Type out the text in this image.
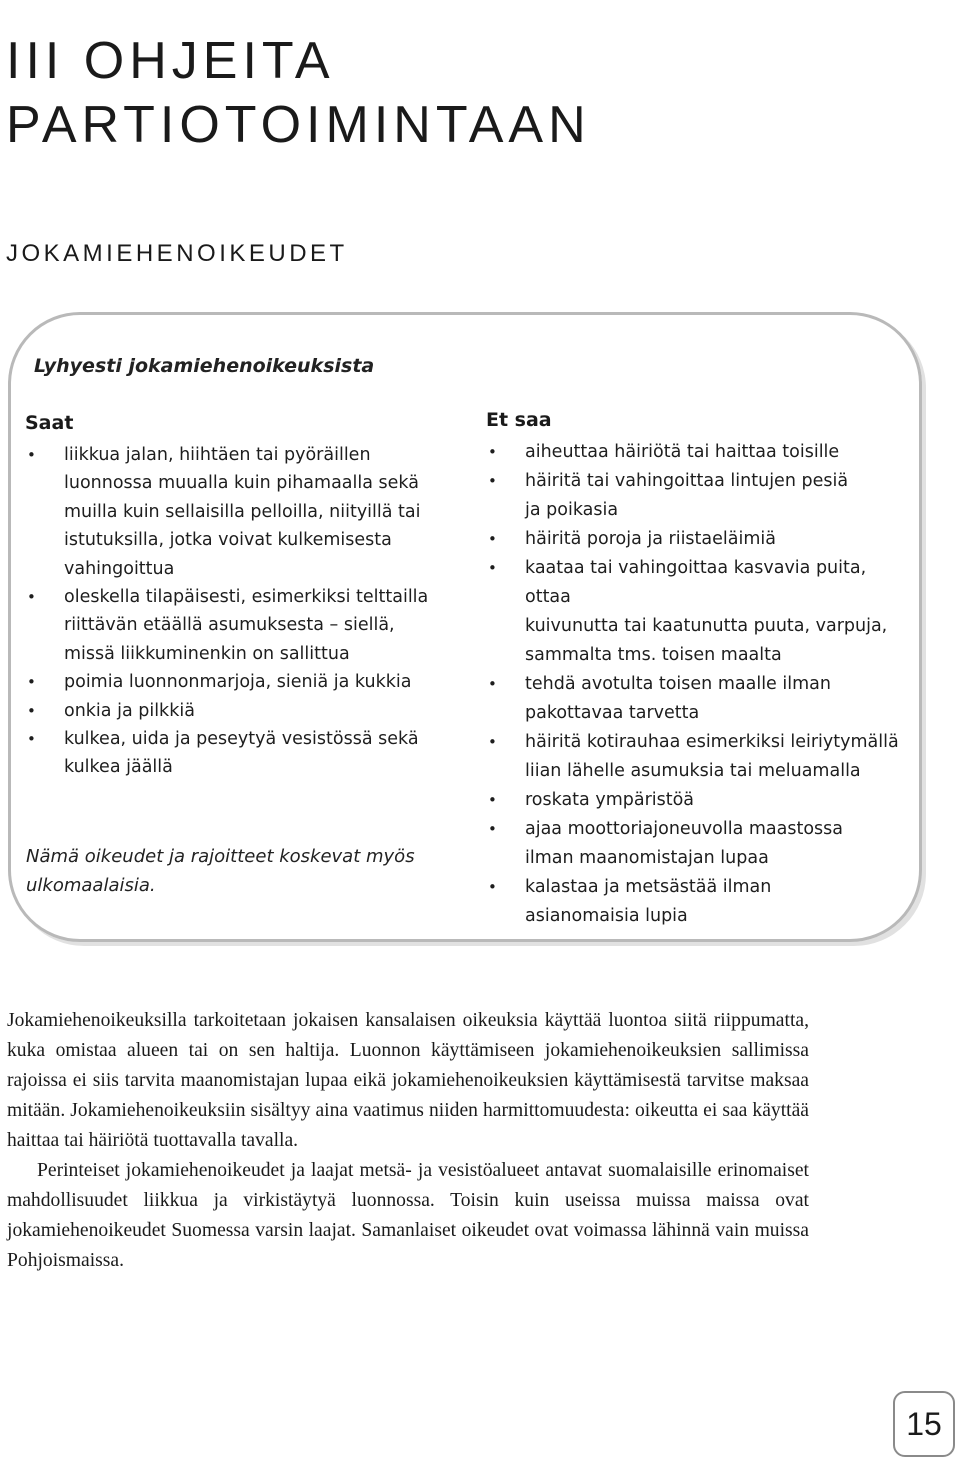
III OHJEITA
PARTIOTOIMINTAAN
JOKAMIEHENOIKEUDET
Lyhyesti jokamiehenoikeuksista
Saat
• liikkua jalan, hiihtäen tai pyöräillen
luonnossa muualla kuin pihamaalla sekä
muilla kuin sellaisilla pelloilla, niityillä tai
istutuksilla, jotka voivat kulkemisesta
vahingoittua
• oleskella tilapäisesti, esimerkiksi telttailla
riittävän etäällä asumuksesta – siellä,
missä liikkuminenkin on sallittua
• poimia luonnonmarjoja, sieniä ja kukkia
• onkia ja pilkkiä
• kulkea, uida ja peseytyä vesistössä sekä
kulkea jäällä
Nämä oikeudet ja rajoitteet koskevat myös
ulkomaalaisia.
Et saa
• aiheuttaa häiriötä tai haittaa toisille
• häiritä tai vahingoittaa lintujen pesiä
ja poikasia
• häiritä poroja ja riistaeläimiä
• kaataa tai vahingoittaa kasvavia puita, ottaa
kuivunutta tai kaatunutta puuta, varpuja,
sammalta tms. toisen maalta
• tehdä avotulta toisen maalle ilman
pakottavaa tarvetta
• häiritä kotirauhaa esimerkiksi leiriytymällä
liian lähelle asumuksia tai meluamalla
• roskata ympäristöä
• ajaa moottoriajoneuvolla maastossa
ilman maanomistajan lupaa
• kalastaa ja metsästää ilman
asianomaisia lupia

Jokamiehenoikeuksilla tarkoitetaan jokaisen kansalaisen oikeuksia käyttää luontoa siitä riippumatta, kuka omistaa alueen tai on sen haltija. Luonnon käyttämiseen jokamiehenoikeuksien sallimissa rajoissa ei siis tarvita maanomistajan lupaa eikä jokamiehenoikeuksien käyttämisestä tarvitse maksaa mitään. Jokamiehenoikeuksiin sisältyy aina vaatimus niiden harmittomuudesta: oikeutta ei saa käyttää haittaa tai häiriötä tuottavalla tavalla.

Perinteiset jokamiehenoikeudet ja laajat metsä- ja vesistöalueet antavat suomalaisille erinomaiset mahdollisuudet liikkua ja virkistäytyä luonnossa. Toisin kuin useissa muissa maissa ovat jokamiehenoikeudet Suomessa varsin laajat. Samanlaiset oikeudet ovat voimassa lähinnä vain muissa Pohjoismaissa.

15
